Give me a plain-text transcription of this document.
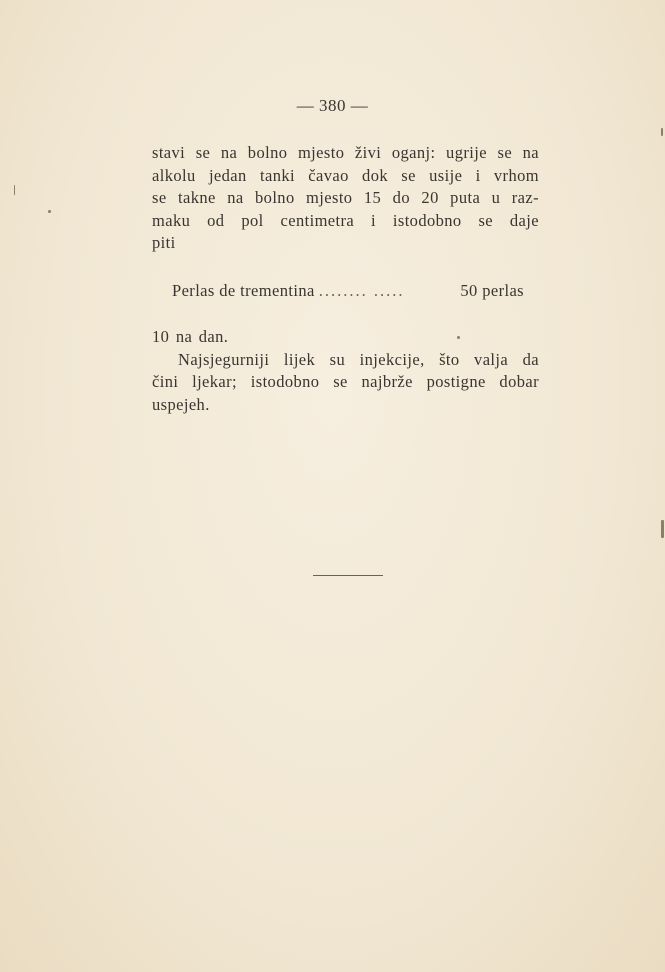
— 380 —
stavi se na bolno mjesto živi oganj: ugrije se na
alkolu jedan tanki čavao dok se usije i vrhom
se takne na bolno mjesto 15 do 20 puta u raz-
maku od pol centimetra i istodobno se daje
piti
Perlas de trementina ........ .....	50 perlas
10 na dan.
Najsjegurniji lijek su injekcije, što valja da
čini ljekar; istodobno se najbrže postigne dobar
uspejeh.
